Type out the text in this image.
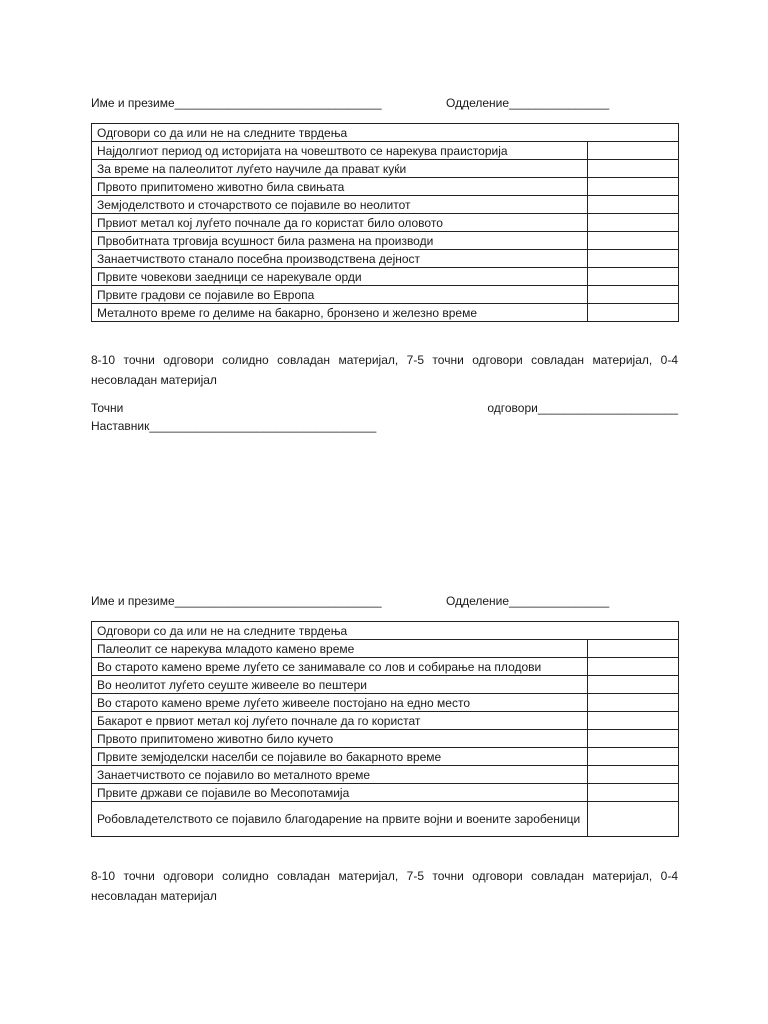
Име и презиме_______________________________	Одделение_______________
Одговори со да или не на следните тврдења	
Најдолгиот период од историјата на човештвото се нарекува праисторија	
За време на палеолитот луѓето научиле да прават куќи	
Првото припитомено животно била свињата	
Земјоделството и сточарството се појавиле во неолитот	
Првиот метал кој луѓето почнале да го користат било оловото	
Првобитната трговија всушност била размена на производи	
Занаетчиството станало посебна производствена дејност	
Првите човекови заедници се нарекувале орди	
Првите градови се појавиле во Европа	
Металното време го делиме на бакарно, бронзено и железно време	
8-10 точни одговори солидно совладан материјал, 7-5 точни одговори совладан материјал, 0-4 несовладан материјал
Точни	одговори_____________________
Наставник__________________________________
Име и презиме_______________________________	Одделение_______________
Одговори со да или не на следните тврдења	
Палеолит се нарекува младото камено време	
Во старото камено време луѓето се занимавале со лов и собирање на плодови	
Во неолитот луѓето сеуште живееле во пештери	
Во старото камено време луѓето живееле постојано на едно место	
Бакарот е првиот метал кој луѓето почнале да го користат	
Првото припитомено животно било кучето	
Првите земјоделски населби се појавиле во бакарното време	
Занаетчиството се појавило во металното време	
Првите држави се појавиле во Месопотамија	
Робовладетелството се појавило благодарение на првите војни и воените заробеници	
8-10 точни одговори солидно совладан материјал, 7-5 точни одговори совладан материјал, 0-4 несовладан материјал
